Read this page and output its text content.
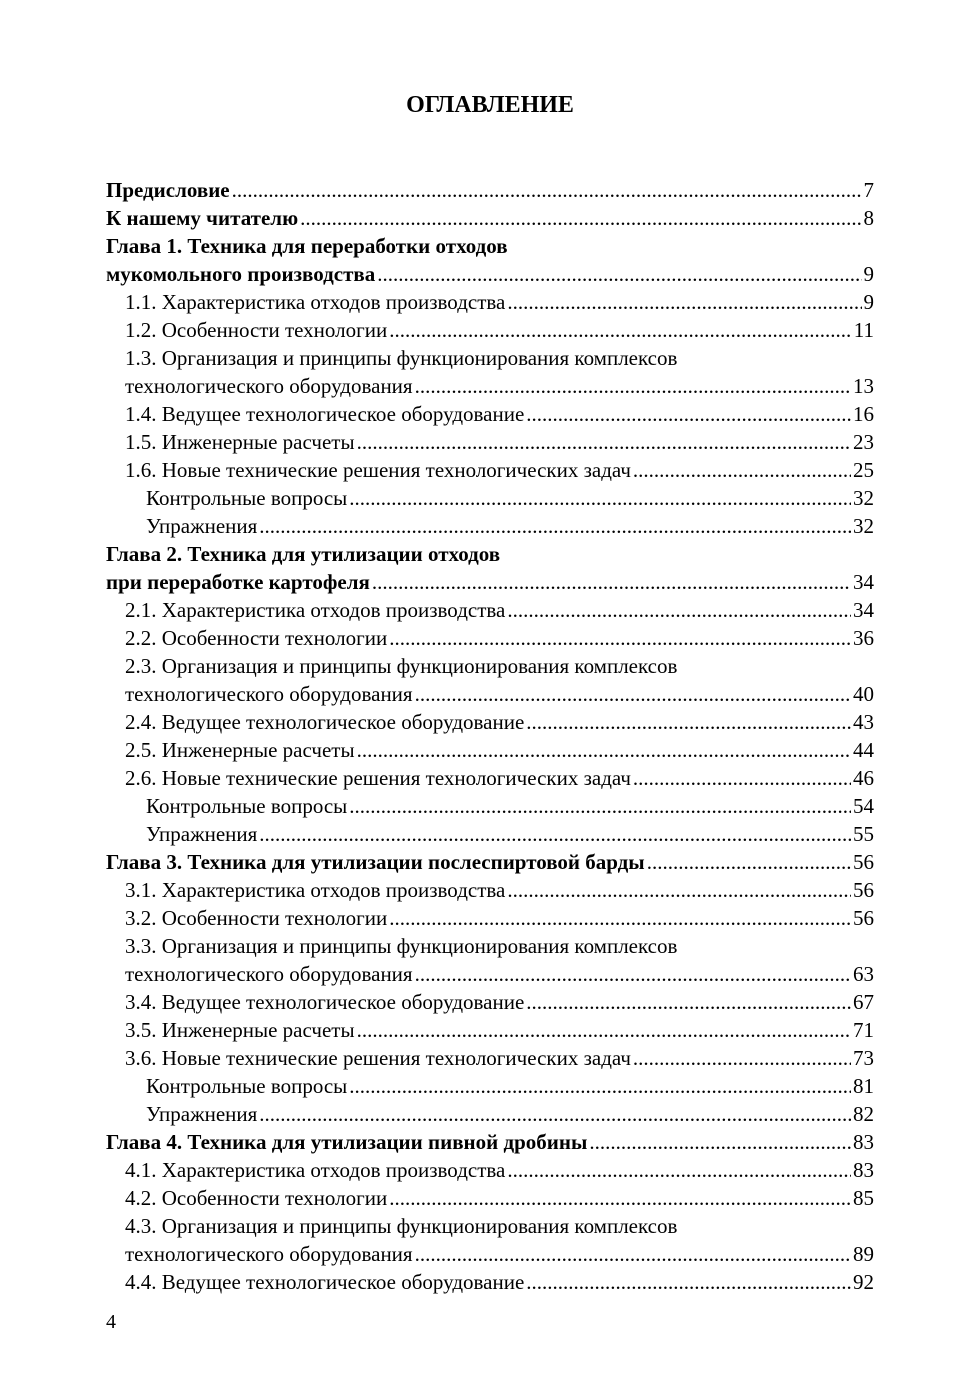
ОГЛАВЛЕНИЕ
Предисловие .....	7
К нашему читателю .....	8
Глава 1. Техника для переработки отходов
мукомольного производства .....	9
1.1. Характеристика отходов производства .....	9
1.2. Особенности технологии .....	11
1.3. Организация и принципы функционирования комплексов
технологического оборудования .....	13
1.4. Ведущее технологическое оборудование .....	16
1.5. Инженерные расчеты .....	23
1.6. Новые технические решения технологических задач .....	25
Контрольные вопросы .....	32
Упражнения .....	32
Глава 2. Техника для утилизации отходов
при переработке картофеля .....	34
2.1. Характеристика отходов производства .....	34
2.2. Особенности технологии .....	36
2.3. Организация и принципы функционирования комплексов
технологического оборудования .....	40
2.4. Ведущее технологическое оборудование .....	43
2.5. Инженерные расчеты .....	44
2.6. Новые технические решения технологических задач .....	46
Контрольные вопросы .....	54
Упражнения .....	55
Глава 3. Техника для утилизации послеспиртовой барды .....	56
3.1. Характеристика отходов производства .....	56
3.2. Особенности технологии .....	56
3.3. Организация и принципы функционирования комплексов
технологического оборудования .....	63
3.4. Ведущее технологическое оборудование .....	67
3.5. Инженерные расчеты .....	71
3.6. Новые технические решения технологических задач .....	73
Контрольные вопросы .....	81
Упражнения .....	82
Глава 4. Техника для утилизации пивной дробины .....	83
4.1. Характеристика отходов производства .....	83
4.2. Особенности технологии .....	85
4.3. Организация и принципы функционирования комплексов
технологического оборудования .....	89
4.4. Ведущее технологическое оборудование .....	92
4
